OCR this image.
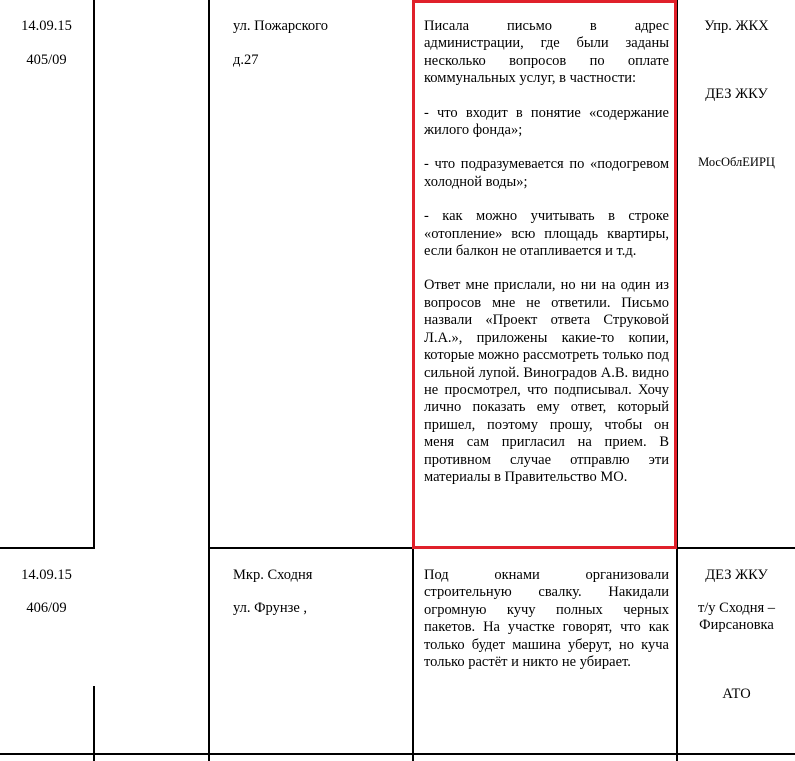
14.09.15
405/09
ул. Пожарского
д.27

Писала письмо в адрес администрации, где были заданы несколько вопросов по оплате коммунальных услуг, в частности:

- что входит в понятие «содержание жилого фонда»;

- что подразумевается по «подогревом холодной воды»;

- как можно учитывать в строке «отопление» всю площадь квартиры, если балкон не отапливается и т.д.

Ответ мне прислали, но ни на один из вопросов мне не ответили. Письмо назвали «Проект ответа Струковой Л.А.», приложены какие-то копии, которые можно рассмотреть только под сильной лупой. Виноградов А.В. видно не просмотрел, что подписывал. Хочу лично показать ему ответ, который пришел, поэтому прошу, чтобы он меня сам пригласил на прием. В противном случае отправлю эти материалы в Правительство МО.

Упр. ЖКХ
ДЕЗ ЖКУ
МосОблЕИРЦ
14.09.15
406/09
Мкр. Сходня
ул. Фрунзе ,

Под окнами организовали строительную свалку. Накидали огромную кучу полных черных пакетов. На участке говорят, что как только будет машина уберут, но куча только растёт и никто не убирает.

ДЕЗ ЖКУ
т/у Сходня – Фирсановка
АТО
